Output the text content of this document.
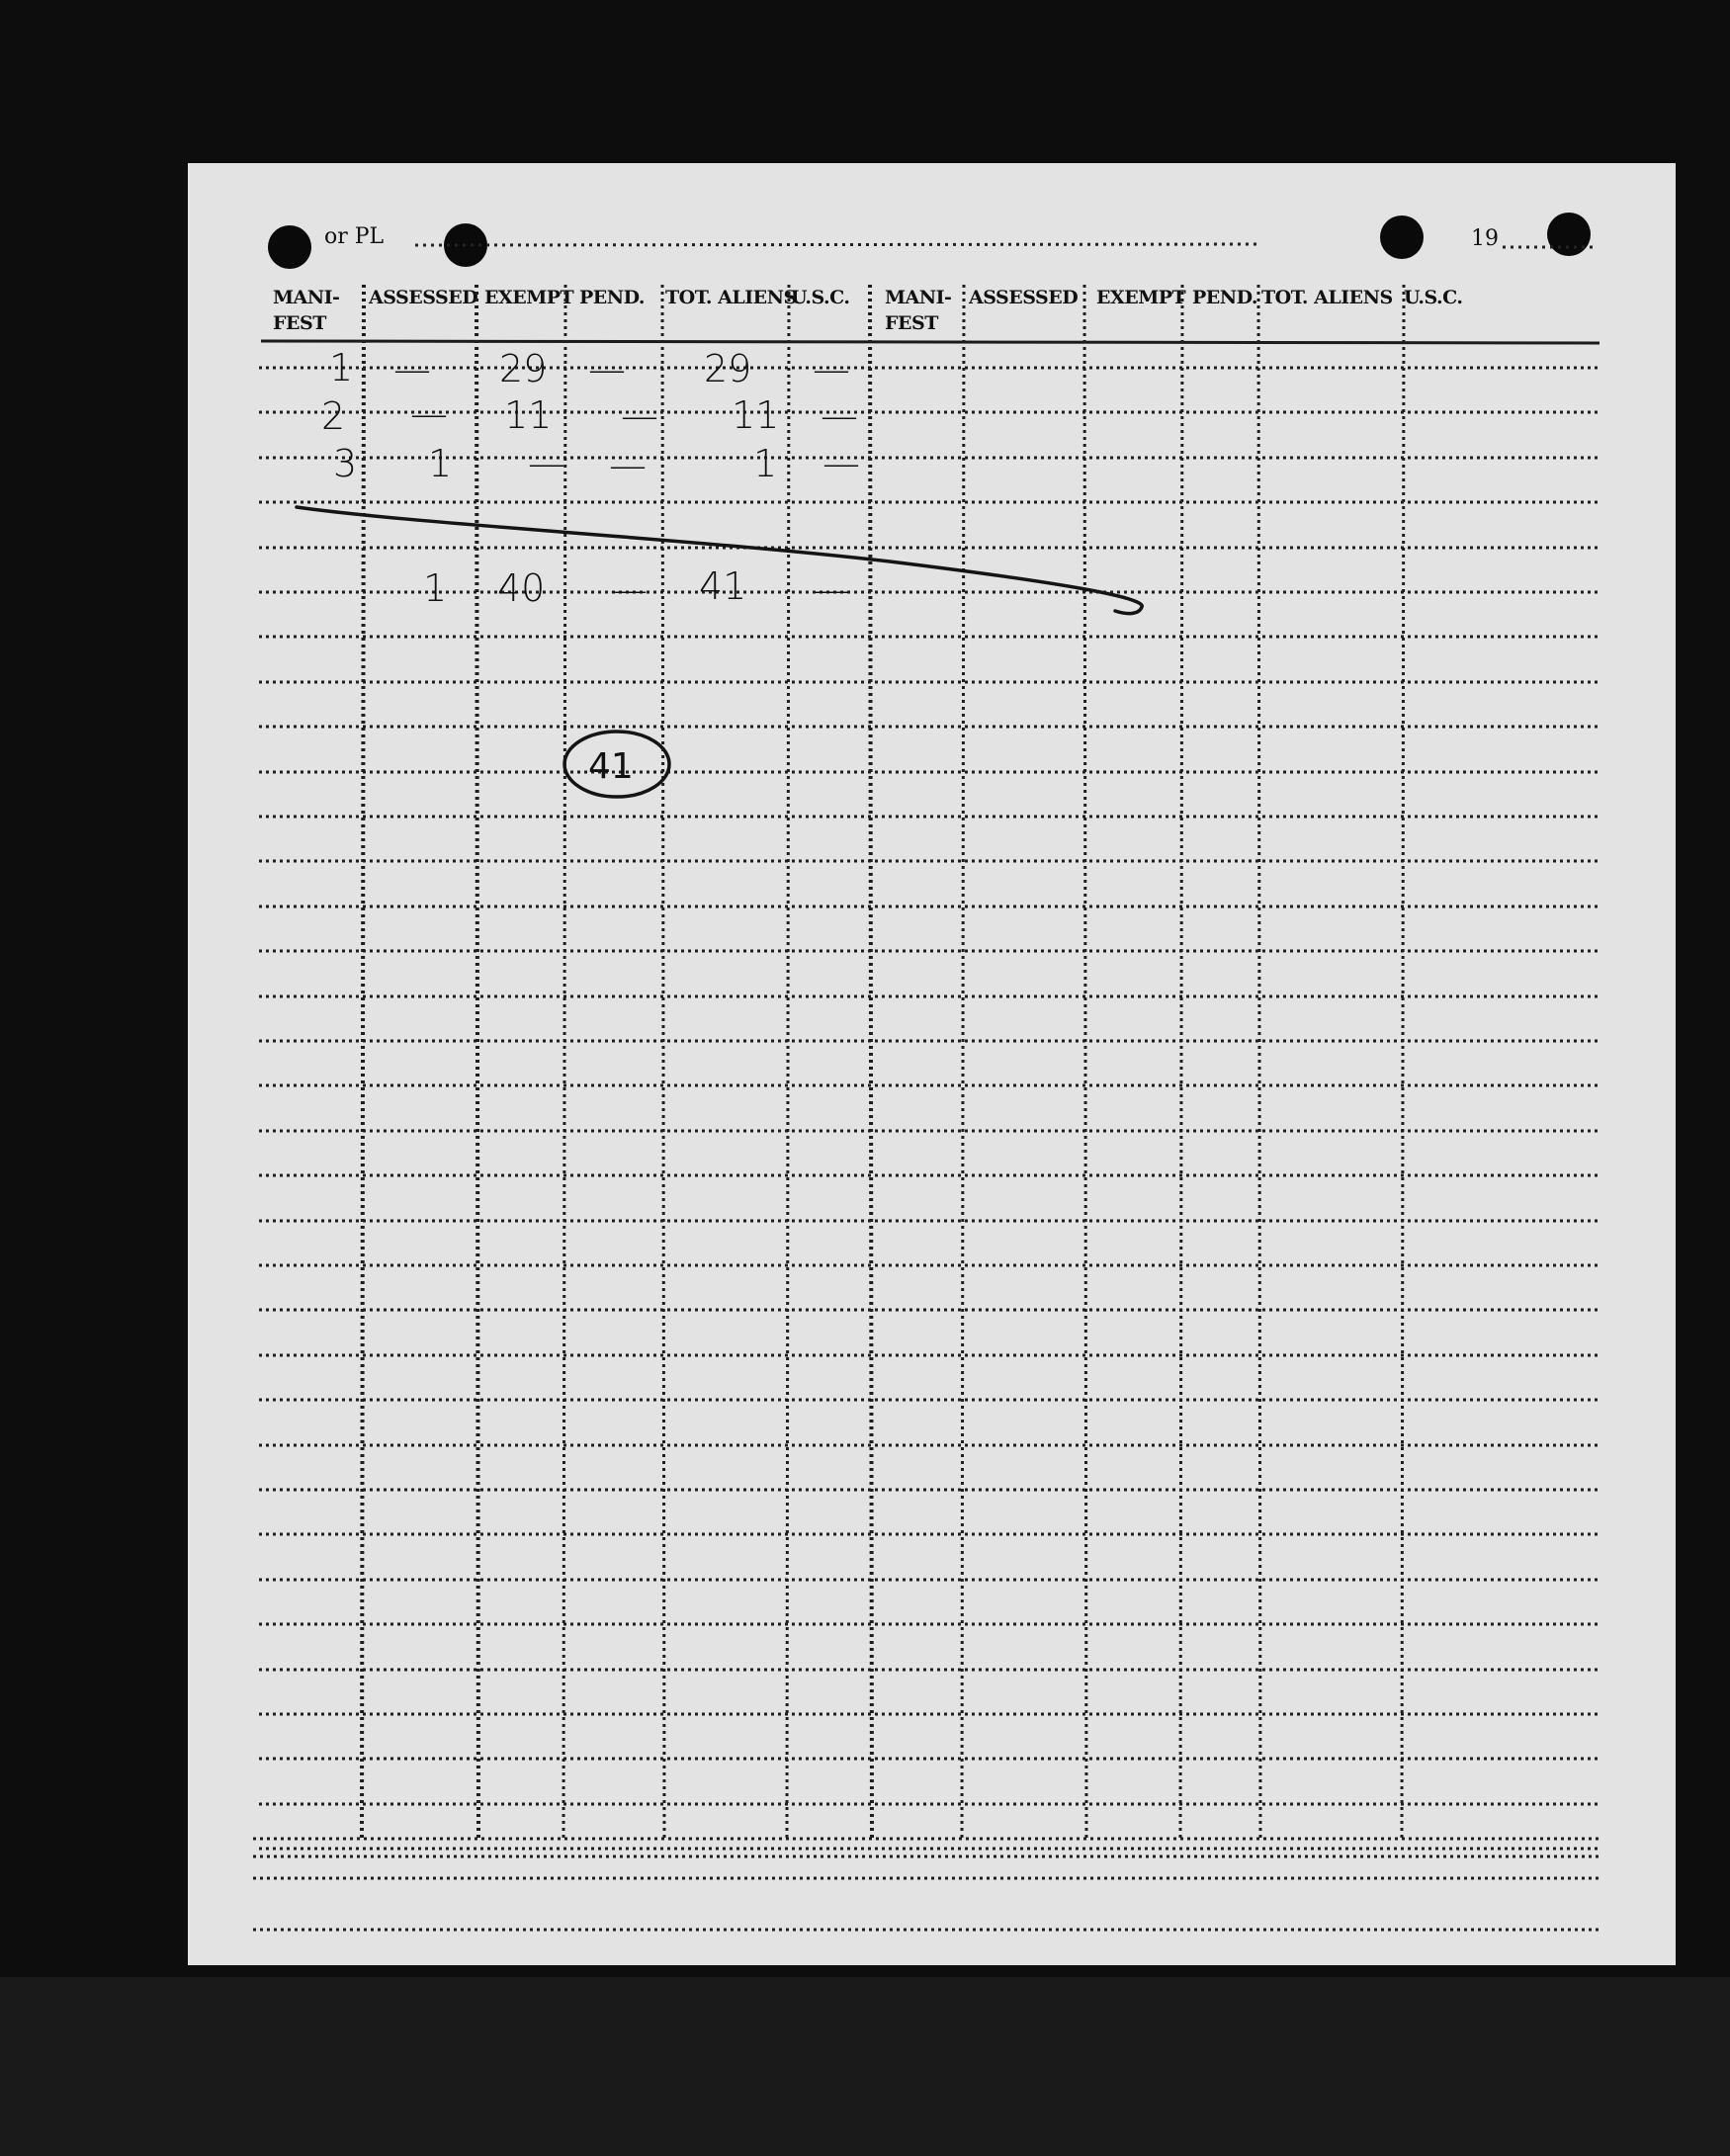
or PL	19
MANI-
FEST
ASSESSED EXEMPT PEND. TOT. ALIENS
U.S.C. MANI-
FEST
ASSESSED EXEMPT PEND. TOT. ALIENS U.S.C.
1 — 29 — 29 —
2 — 11 — 11 —
3 1 — —	1 —
1 40 — 41 —
41
